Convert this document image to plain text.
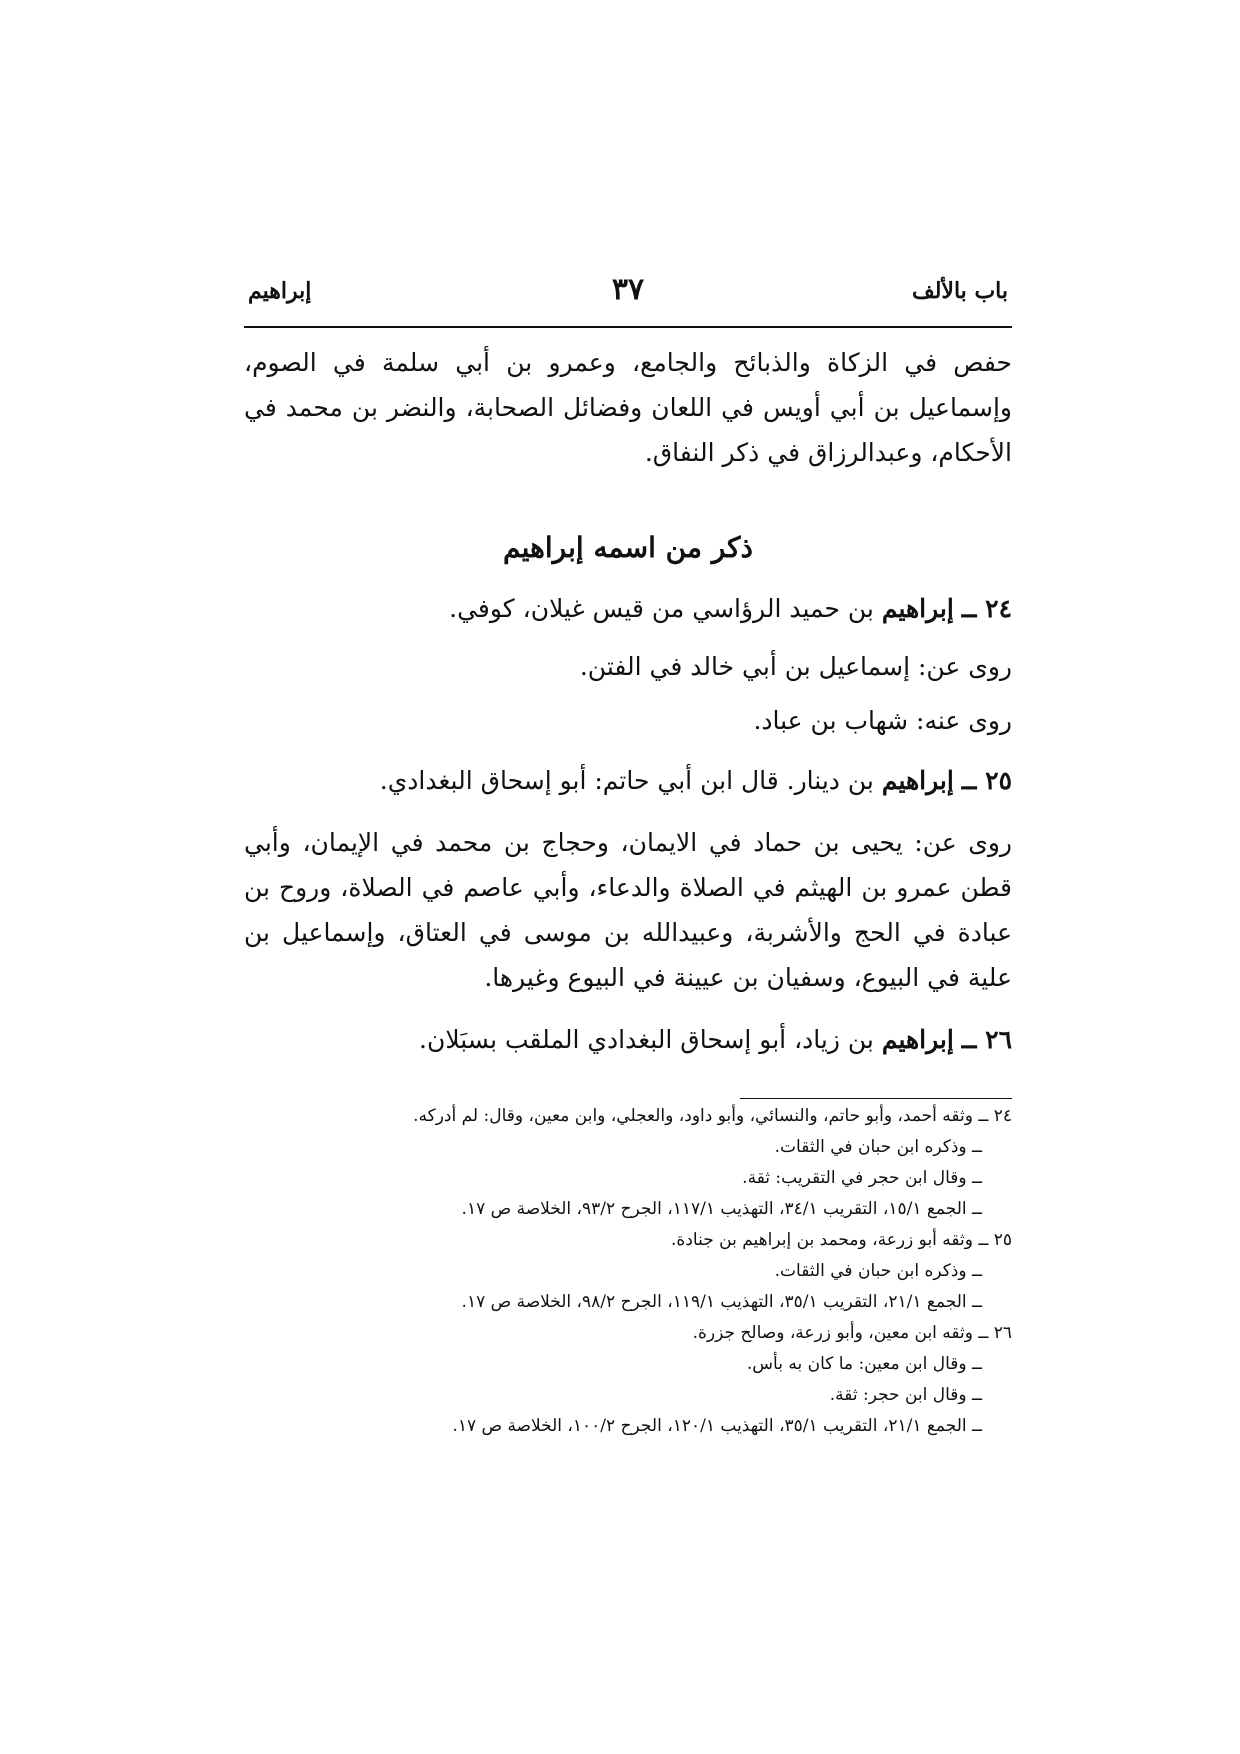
باب بالألف
٣٧
إبراهيم
حفص في الزكاة والذبائح والجامع، وعمرو بن أبي سلمة في الصوم، وإسماعيل بن أبي أويس في اللعان وفضائل الصحابة، والنضر بن محمد في الأحكام، وعبدالرزاق في ذكر النفاق.
ذكر من اسمه إبراهيم
٢٤ ــ إبراهيم بن حميد الرؤاسي من قيس غيلان، كوفي.
روى عن: إسماعيل بن أبي خالد في الفتن.
روى عنه: شهاب بن عباد.
٢٥ ــ إبراهيم بن دينار. قال ابن أبي حاتم: أبو إسحاق البغدادي.
روى عن: يحيى بن حماد في الايمان، وحجاج بن محمد في الإيمان، وأبي قطن عمرو بن الهيثم في الصلاة والدعاء، وأبي عاصم في الصلاة، وروح بن عبادة في الحج والأشربة، وعبيدالله بن موسى في العتاق، وإسماعيل بن علية في البيوع، وسفيان بن عيينة في البيوع وغيرها.
٢٦ ــ إبراهيم بن زياد، أبو إسحاق البغدادي الملقب بسبَلان.
٢٤ ــ وثقه أحمد، وأبو حاتم، والنسائي، وأبو داود، والعجلي، وابن معين، وقال: لم أدركه.
ــ وذكره ابن حبان في الثقات.
ــ وقال ابن حجر في التقريب: ثقة.
ــ الجمع ١٥/١، التقريب ٣٤/١، التهذيب ١١٧/١، الجرح ٩٣/٢، الخلاصة ص ١٧.
٢٥ ــ وثقه أبو زرعة، ومحمد بن إبراهيم بن جنادة.
ــ وذكره ابن حبان في الثقات.
ــ الجمع ٢١/١، التقريب ٣٥/١، التهذيب ١١٩/١، الجرح ٩٨/٢، الخلاصة ص ١٧.
٢٦ ــ وثقه ابن معين، وأبو زرعة، وصالح جزرة.
ــ وقال ابن معين: ما كان به بأس.
ــ وقال ابن حجر: ثقة.
ــ الجمع ٢١/١، التقريب ٣٥/١، التهذيب ١٢٠/١، الجرح ١٠٠/٢، الخلاصة ص ١٧.
